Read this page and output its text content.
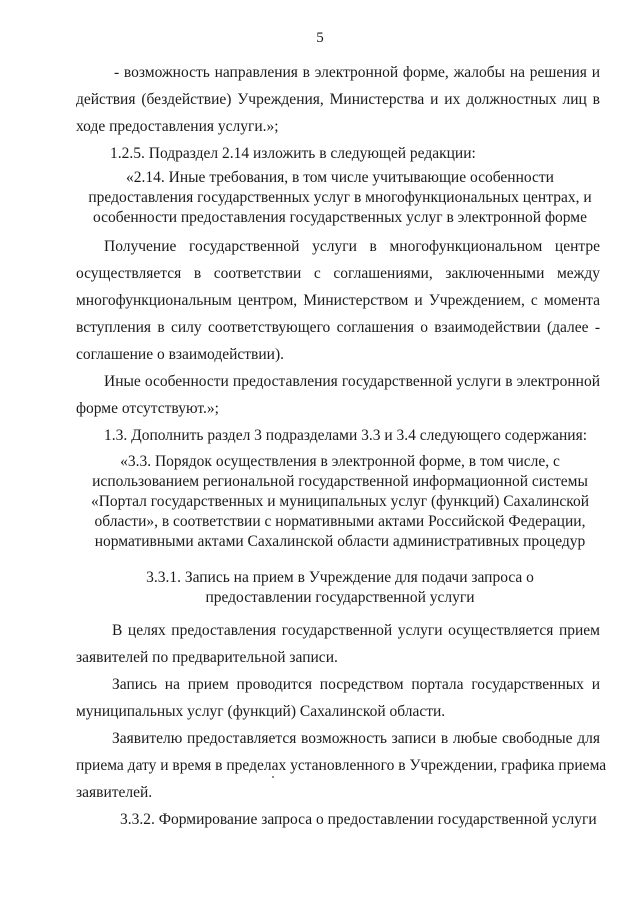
5
- возможность направления в электронной форме, жалобы на решения и
действия (бездействие) Учреждения, Министерства и их должностных лиц в
ходе предоставления услуги.»;
1.2.5. Подраздел 2.14 изложить в следующей редакции:
«2.14. Иные требования, в том числе учитывающие особенности
предоставления государственных услуг в многофункциональных центрах, и
особенности предоставления государственных услуг в электронной форме
Получение государственной услуги в многофункциональном центре
осуществляется в соответствии с соглашениями, заключенными между
многофункциональным центром, Министерством и Учреждением, с момента
вступления в силу соответствующего соглашения о взаимодействии (далее -
соглашение о взаимодействии).
Иные особенности предоставления государственной услуги в электронной
форме отсутствуют.»;
1.3. Дополнить раздел 3 подразделами 3.3 и 3.4 следующего содержания:
«3.3. Порядок осуществления в электронной форме, в том числе, с
использованием региональной государственной информационной системы
«Портал государственных и муниципальных услуг (функций) Сахалинской
области», в соответствии с нормативными актами Российской Федерации,
нормативными актами Сахалинской области административных процедур
3.3.1. Запись на прием в Учреждение для подачи запроса о
предоставлении государственной услуги
В целях предоставления государственной услуги осуществляется прием
заявителей по предварительной записи.
Запись на прием проводится посредством портала государственных и
муниципальных услуг (функций) Сахалинской области.
Заявителю предоставляется возможность записи в любые свободные для
приема дату и время в пределах установленного в Учреждении, графика приема
заявителей.
3.3.2. Формирование запроса о предоставлении государственной услуги
